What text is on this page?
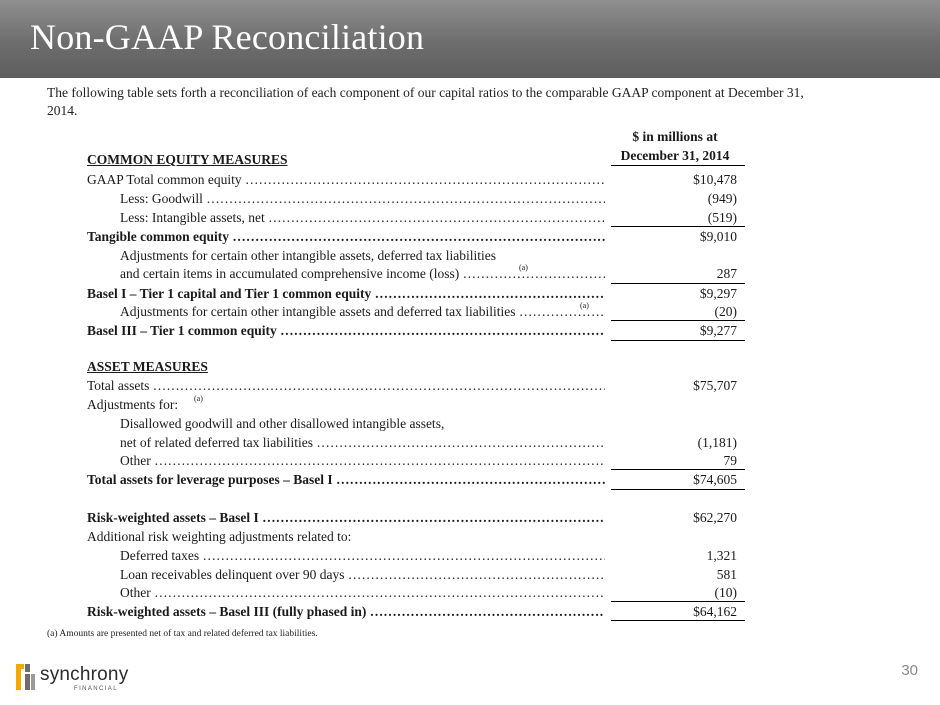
Non-GAAP Reconciliation
The following table sets forth a reconciliation of each component of our capital ratios to the comparable GAAP component at December 31, 2014.
$ in millions at
December 31, 2014
COMMON EQUITY MEASURES
GAAP Total common equity ……………………………………………………………………………………………………………………………………………………………	$10,478
Less: Goodwill ……………………………………………………………………………………………………………………………………………………………	(949)
Less: Intangible assets, net ……………………………………………………………………………………………………………………………………………………………	(519)
Tangible common equity ……………………………………………………………………………………………………………………………………………………………	$9,010
Adjustments for certain other intangible assets, deferred tax liabilities
and certain items in accumulated comprehensive income (loss) ……………………………………………………………………………………………………………………………………………………………	(a)	287
Basel I – Tier 1 capital and Tier 1 common equity ……………………………………………………………………………………………………………………………………………………………	$9,297
Adjustments for certain other intangible assets and deferred tax liabilities ……………………………………………………………………………………………………………………………………………………………	(a)	(20)
Basel III – Tier 1 common equity ……………………………………………………………………………………………………………………………………………………………	$9,277
ASSET MEASURES
Total assets ……………………………………………………………………………………………………………………………………………………………	$75,707
Adjustments for:	(a)
Disallowed goodwill and other disallowed intangible assets,
net of related deferred tax liabilities ……………………………………………………………………………………………………………………………………………………………	(1,181)
Other ……………………………………………………………………………………………………………………………………………………………	79
Total assets for leverage purposes – Basel I ……………………………………………………………………………………………………………………………………………………………	$74,605
Risk-weighted assets – Basel I ……………………………………………………………………………………………………………………………………………………………	$62,270
Additional risk weighting adjustments related to:
Deferred taxes ……………………………………………………………………………………………………………………………………………………………	1,321
Loan receivables delinquent over 90 days ……………………………………………………………………………………………………………………………………………………………	581
Other ……………………………………………………………………………………………………………………………………………………………	(10)
Risk-weighted assets – Basel III (fully phased in) ……………………………………………………………………………………………………………………………………………………………	$64,162
(a) Amounts are presented net of tax and related deferred tax liabilities.
synchrony
FINANCIAL
30
